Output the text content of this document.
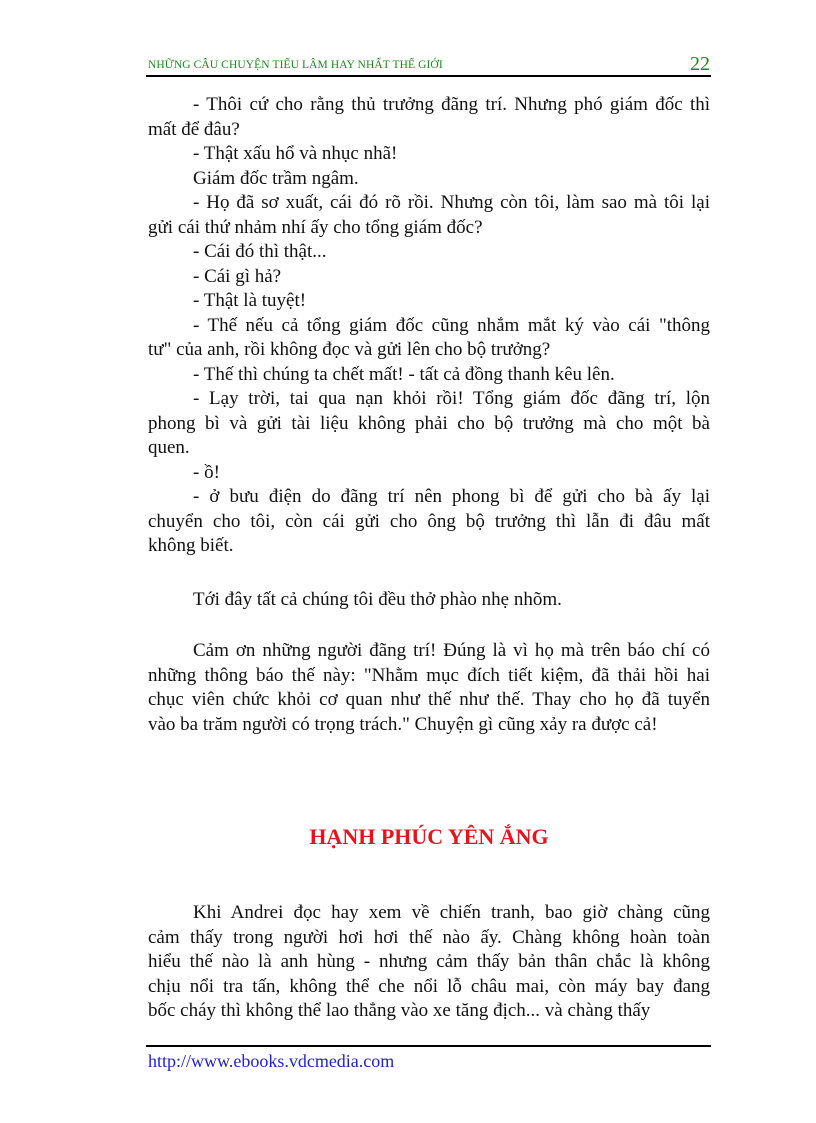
NHỮNG CÂU CHUYỆN TIẾU LÂM HAY NHẤT THẾ GIỚI	22
- Thôi cứ cho rằng thủ trưởng đãng trí. Nhưng phó giám đốc thì
mất để đâu?
- Thật xấu hổ và nhục nhã!
Giám đốc trầm ngâm.
- Họ đã sơ xuất, cái đó rõ rồi. Nhưng còn tôi, làm sao mà tôi lại
gửi cái thứ nhảm nhí ấy cho tổng giám đốc?
- Cái đó thì thật...
- Cái gì hả?
- Thật là tuyệt!
- Thế nếu cả tổng giám đốc cũng nhắm mắt ký vào cái "thông
tư" của anh, rồi không đọc và gửi lên cho bộ trưởng?
- Thế thì chúng ta chết mất! - tất cả đồng thanh kêu lên.
- Lạy trời, tai qua nạn khỏi rồi! Tổng giám đốc đãng trí, lộn
phong bì và gửi tài liệu không phải cho bộ trưởng mà cho một bà
quen.
- ồ!
- ở bưu điện do đãng trí nên phong bì để gửi cho bà ấy lại
chuyển cho tôi, còn cái gửi cho ông bộ trưởng thì lẫn đi đâu mất
không biết.
Tới đây tất cả chúng tôi đều thở phào nhẹ nhõm.
Cảm ơn những người đãng trí! Đúng là vì họ mà trên báo chí có
những thông báo thế này: "Nhằm mục đích tiết kiệm, đã thải hồi hai
chục viên chức khỏi cơ quan như thế như thế. Thay cho họ đã tuyển
vào ba trăm người có trọng trách." Chuyện gì cũng xảy ra được cả!
HẠNH PHÚC YÊN ẮNG
Khi Andrei đọc hay xem về chiến tranh, bao giờ chàng cũng
cảm thấy trong người hơi hơi thế nào ấy. Chàng không hoàn toàn
hiểu thế nào là anh hùng - nhưng cảm thấy bản thân chắc là không
chịu nổi tra tấn, không thể che nổi lỗ châu mai, còn máy bay đang
bốc cháy thì không thể lao thẳng vào xe tăng địch... và chàng thấy
http://www.ebooks.vdcmedia.com
